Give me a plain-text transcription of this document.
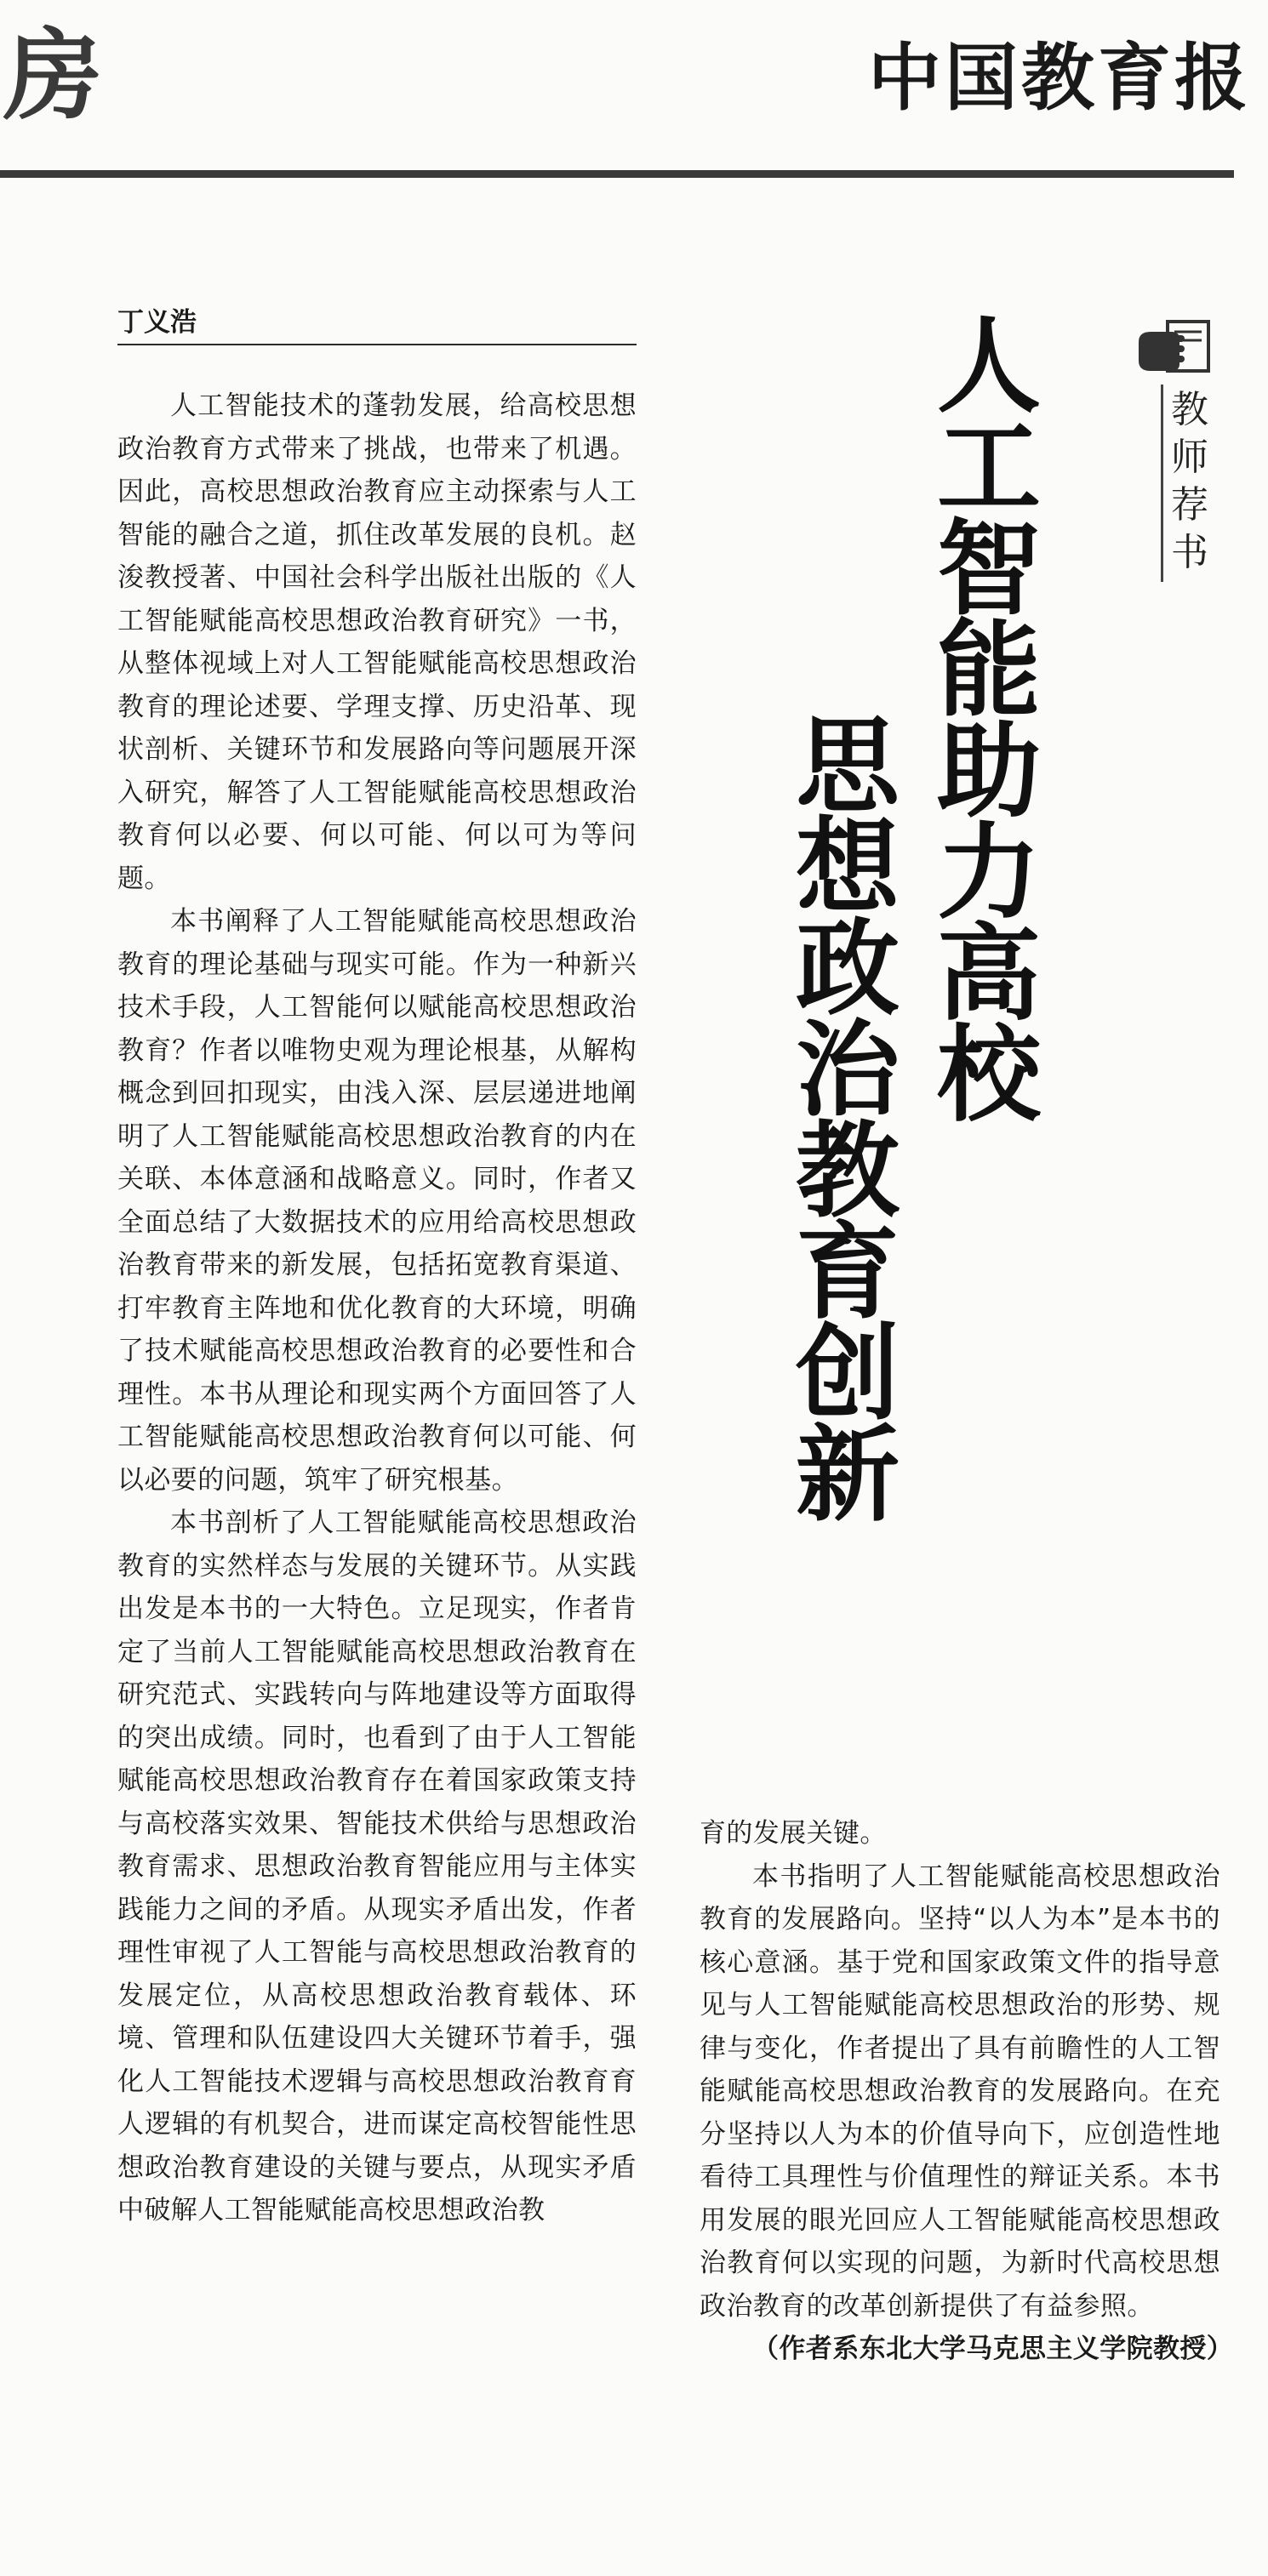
房	中国教育报
丁义浩

人工智能技术的蓬勃发展，给高校思想政治教育方式带来了挑战，也带来了机遇。因此，高校思想政治教育应主动探索与人工智能的融合之道，抓住改革发展的良机。赵浚教授著、中国社会科学出版社出版的《人工智能赋能高校思想政治教育研究》一书，从整体视域上对人工智能赋能高校思想政治教育的理论述要、学理支撑、历史沿革、现状剖析、关键环节和发展路向等问题展开深入研究，解答了人工智能赋能高校思想政治教育何以必要、何以可能、何以可为等问题。

本书阐释了人工智能赋能高校思想政治教育的理论基础与现实可能。作为一种新兴技术手段，人工智能何以赋能高校思想政治教育？作者以唯物史观为理论根基，从解构概念到回扣现实，由浅入深、层层递进地阐明了人工智能赋能高校思想政治教育的内在关联、本体意涵和战略意义。同时，作者又全面总结了大数据技术的应用给高校思想政治教育带来的新发展，包括拓宽教育渠道、打牢教育主阵地和优化教育的大环境，明确了技术赋能高校思想政治教育的必要性和合理性。本书从理论和现实两个方面回答了人工智能赋能高校思想政治教育何以可能、何以必要的问题，筑牢了研究根基。

本书剖析了人工智能赋能高校思想政治教育的实然样态与发展的关键环节。从实践出发是本书的一大特色。立足现实，作者肯定了当前人工智能赋能高校思想政治教育在研究范式、实践转向与阵地建设等方面取得的突出成绩。同时，也看到了由于人工智能赋能高校思想政治教育存在着国家政策支持与高校落实效果、智能技术供给与思想政治教育需求、思想政治教育智能应用与主体实践能力之间的矛盾。从现实矛盾出发，作者理性审视了人工智能与高校思想政治教育的发展定位，从高校思想政治教育载体、环境、管理和队伍建设四大关键环节着手，强化人工智能技术逻辑与高校思想政治教育育人逻辑的有机契合，进而谋定高校智能性思想政治教育建设的关键与要点，从现实矛盾中破解人工智能赋能高校思想政治教

人
工
智
能
助
力
高
校
思
想
政
治
教
育
创
新
教
师
荐
书

育的发展关键。

本书指明了人工智能赋能高校思想政治教育的发展路向。坚持“以人为本”是本书的核心意涵。基于党和国家政策文件的指导意见与人工智能赋能高校思想政治的形势、规律与变化，作者提出了具有前瞻性的人工智能赋能高校思想政治教育的发展路向。在充分坚持以人为本的价值导向下，应创造性地看待工具理性与价值理性的辩证关系。本书用发展的眼光回应人工智能赋能高校思想政治教育何以实现的问题，为新时代高校思想政治教育的改革创新提供了有益参照。

（作者系东北大学马克思主义学院教授）
